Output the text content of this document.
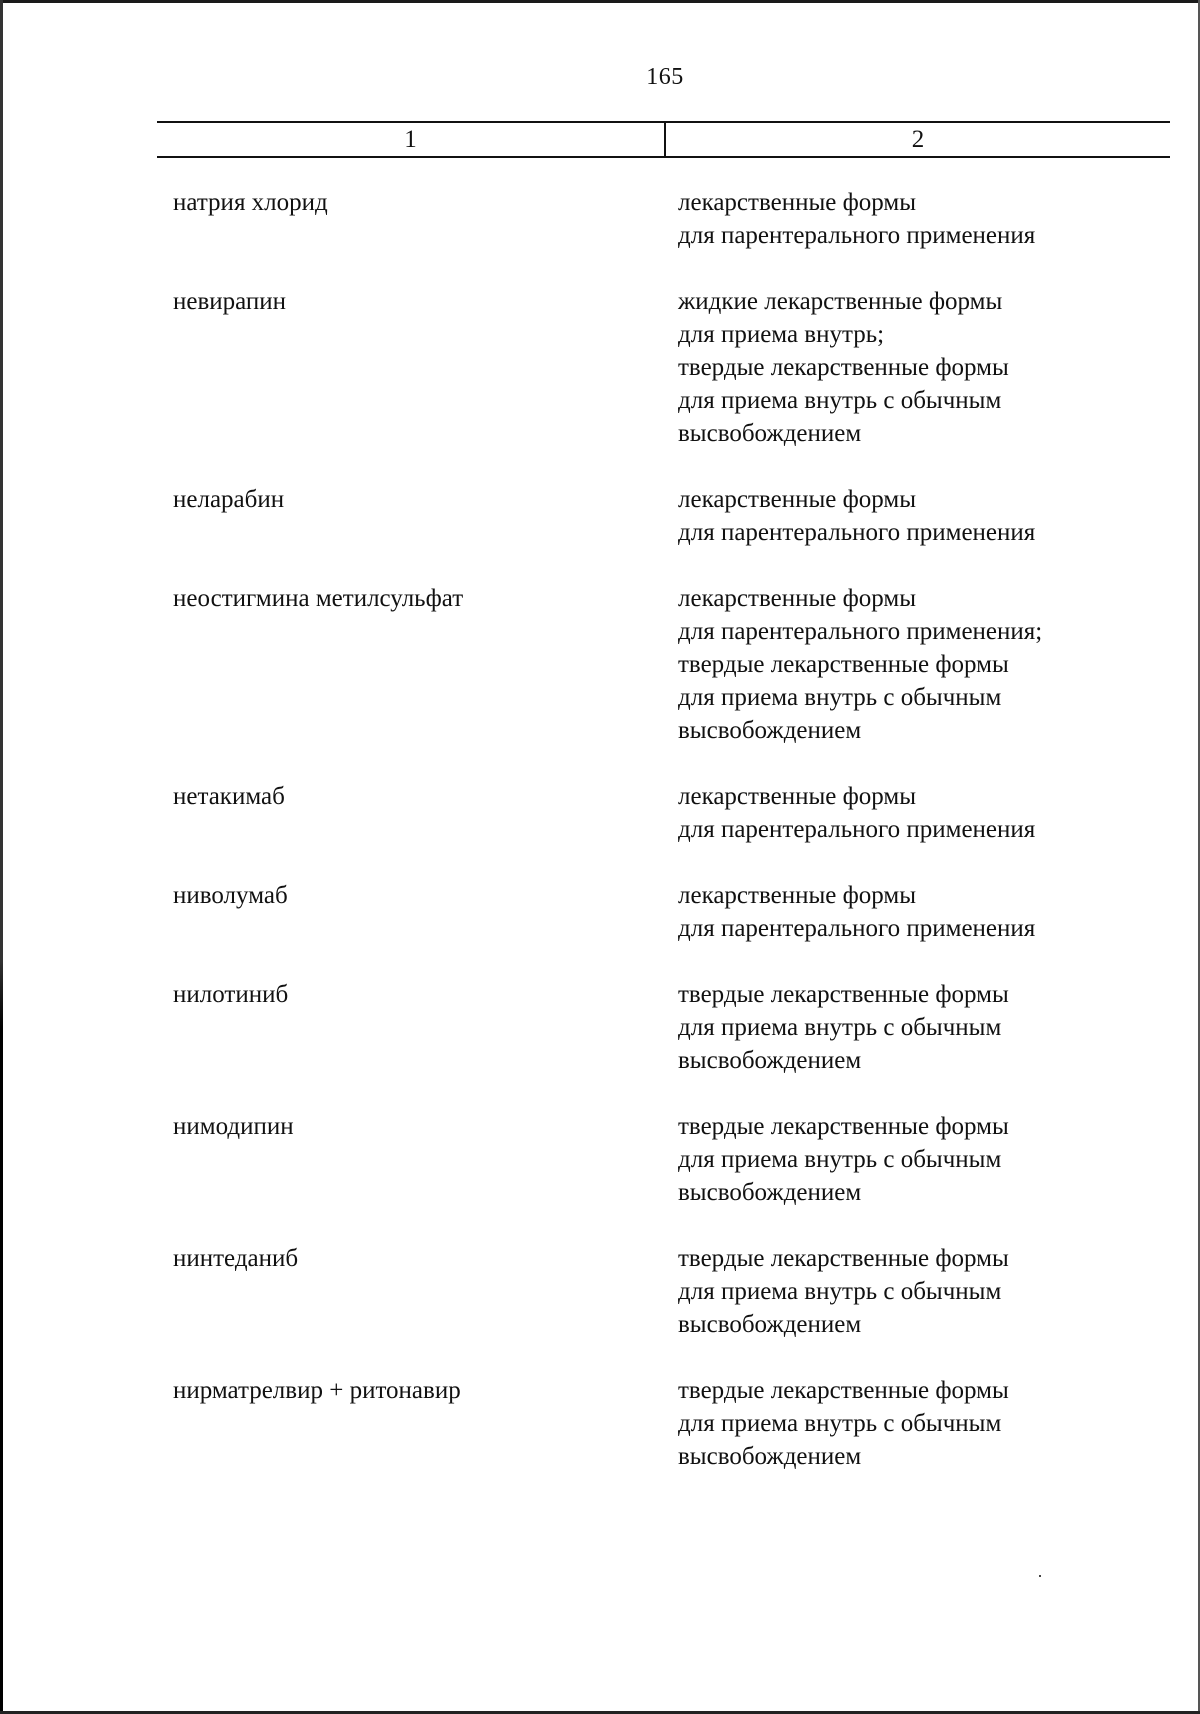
165
1	2
натрия хлорид	лекарственные формы
для парентерального применения
невирапин	жидкие лекарственные формы
для приема внутрь;
твердые лекарственные формы
для приема внутрь с обычным
высвобождением
неларабин	лекарственные формы
для парентерального применения
неостигмина метилсульфат	лекарственные формы
для парентерального применения;
твердые лекарственные формы
для приема внутрь с обычным
высвобождением
нетакимаб	лекарственные формы
для парентерального применения
ниволумаб	лекарственные формы
для парентерального применения
нилотиниб	твердые лекарственные формы
для приема внутрь с обычным
высвобождением
нимодипин	твердые лекарственные формы
для приема внутрь с обычным
высвобождением
нинтеданиб	твердые лекарственные формы
для приема внутрь с обычным
высвобождением
нирматрелвир + ритонавир	твердые лекарственные формы
для приема внутрь с обычным
высвобождением
